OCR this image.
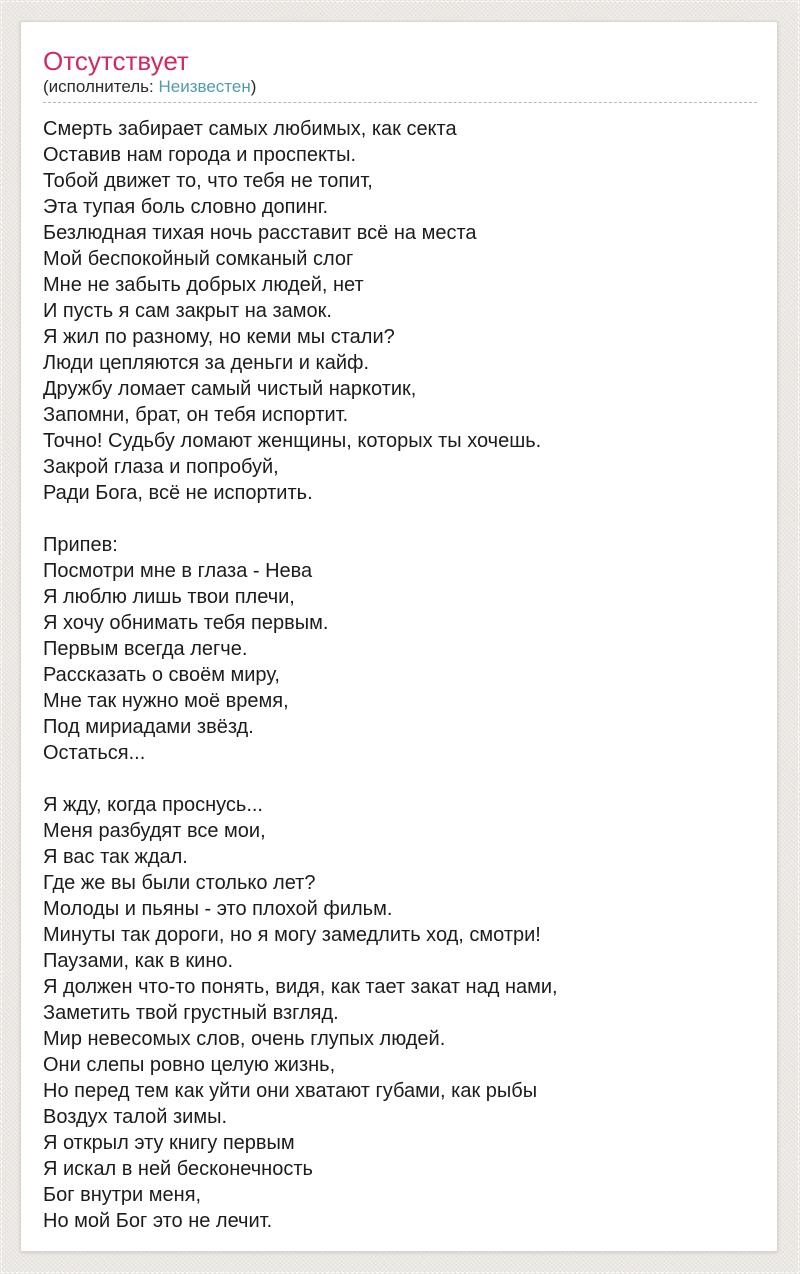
Отсутствует
(исполнитель: Неизвестен)
Смерть забирает самых любимых, как секта
Оставив нам города и проспекты.
Тобой движет то, что тебя не топит,
Эта тупая боль словно допинг.
Безлюдная тихая ночь расставит всё на места
Мой беспокойный сомканый слог
Мне не забыть добрых людей, нет
И пусть я сам закрыт на замок.
Я жил по разному, но кеми мы стали?
Люди цепляются за деньги и кайф.
Дружбу ломает самый чистый наркотик,
Запомни, брат, он тебя испортит.
Точно! Судьбу ломают женщины, которых ты хочешь.
Закрой глаза и попробуй,
Ради Бога, всё не испортить.
Припев:
Посмотри мне в глаза - Нева
Я люблю лишь твои плечи,
Я хочу обнимать тебя первым.
Первым всегда легче.
Рассказать о своём миру,
Мне так нужно моё время,
Под мириадами звёзд.
Остаться...
Я жду, когда проснусь...
Меня разбудят все мои,
Я вас так ждал.
Где же вы были столько лет?
Молоды и пьяны - это плохой фильм.
Минуты так дороги, но я могу замедлить ход, смотри!
Паузами, как в кино.
Я должен что-то понять, видя, как тает закат над нами,
Заметить твой грустный взгляд.
Мир невесомых слов, очень глупых людей.
Они слепы ровно целую жизнь,
Но перед тем как уйти они хватают губами, как рыбы
Воздух талой зимы.
Я открыл эту книгу первым
Я искал в ней бесконечность
Бог внутри меня,
Но мой Бог это не лечит.
